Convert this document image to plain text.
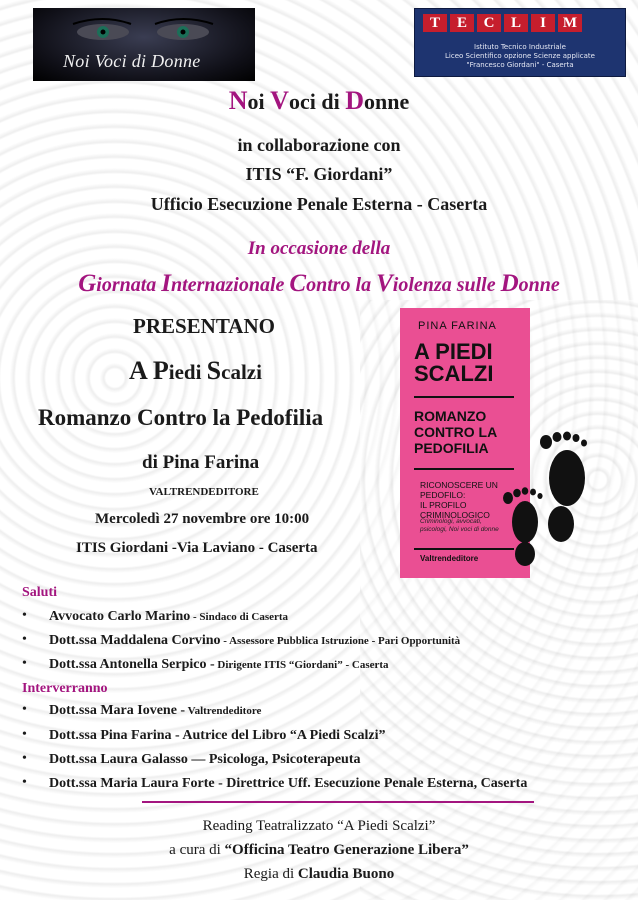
Noi Voci di Donne
T	E	C	L	I	M
Istituto Tecnico Industriale
Liceo Scientifico opzione Scienze applicate
"Francesco Giordani" - Caserta
Noi Voci di Donne
in collaborazione con
ITIS “F. Giordani”
Ufficio Esecuzione Penale Esterna - Caserta
In occasione della
Giornata Internazionale Contro la Violenza sulle Donne
PRESENTANO
A Piedi Scalzi
Romanzo Contro la Pedofilia
di Pina Farina
VALTRENDEDITORE
Mercoledì 27 novembre ore 10:00
ITIS Giordani -Via Laviano - Caserta
PINA FARINA
A PIEDI
SCALZI
ROMANZO
CONTRO LA
PEDOFILIA
RICONOSCERE UN
PEDOFILO:
IL PROFILO
CRIMINOLOGICO
Criminologi, avvocati,
psicologi, Noi voci di donne
Valtrendeditore
Saluti
• Avvocato Carlo Marino - Sindaco di Caserta
• Dott.ssa Maddalena Corvino - Assessore Pubblica Istruzione - Pari Opportunità
• Dott.ssa Antonella Serpico - Dirigente ITIS “Giordani” - Caserta
Interverranno
• Dott.ssa Mara Iovene - Valtrendeditore
• Dott.ssa Pina Farina - Autrice del Libro “A Piedi Scalzi”
• Dott.ssa Laura Galasso — Psicologa, Psicoterapeuta
• Dott.ssa Maria Laura Forte - Direttrice Uff. Esecuzione Penale Esterna, Caserta
Reading Teatralizzato “A Piedi Scalzi”
a cura di “Officina Teatro Generazione Libera”
Regia di Claudia Buono
